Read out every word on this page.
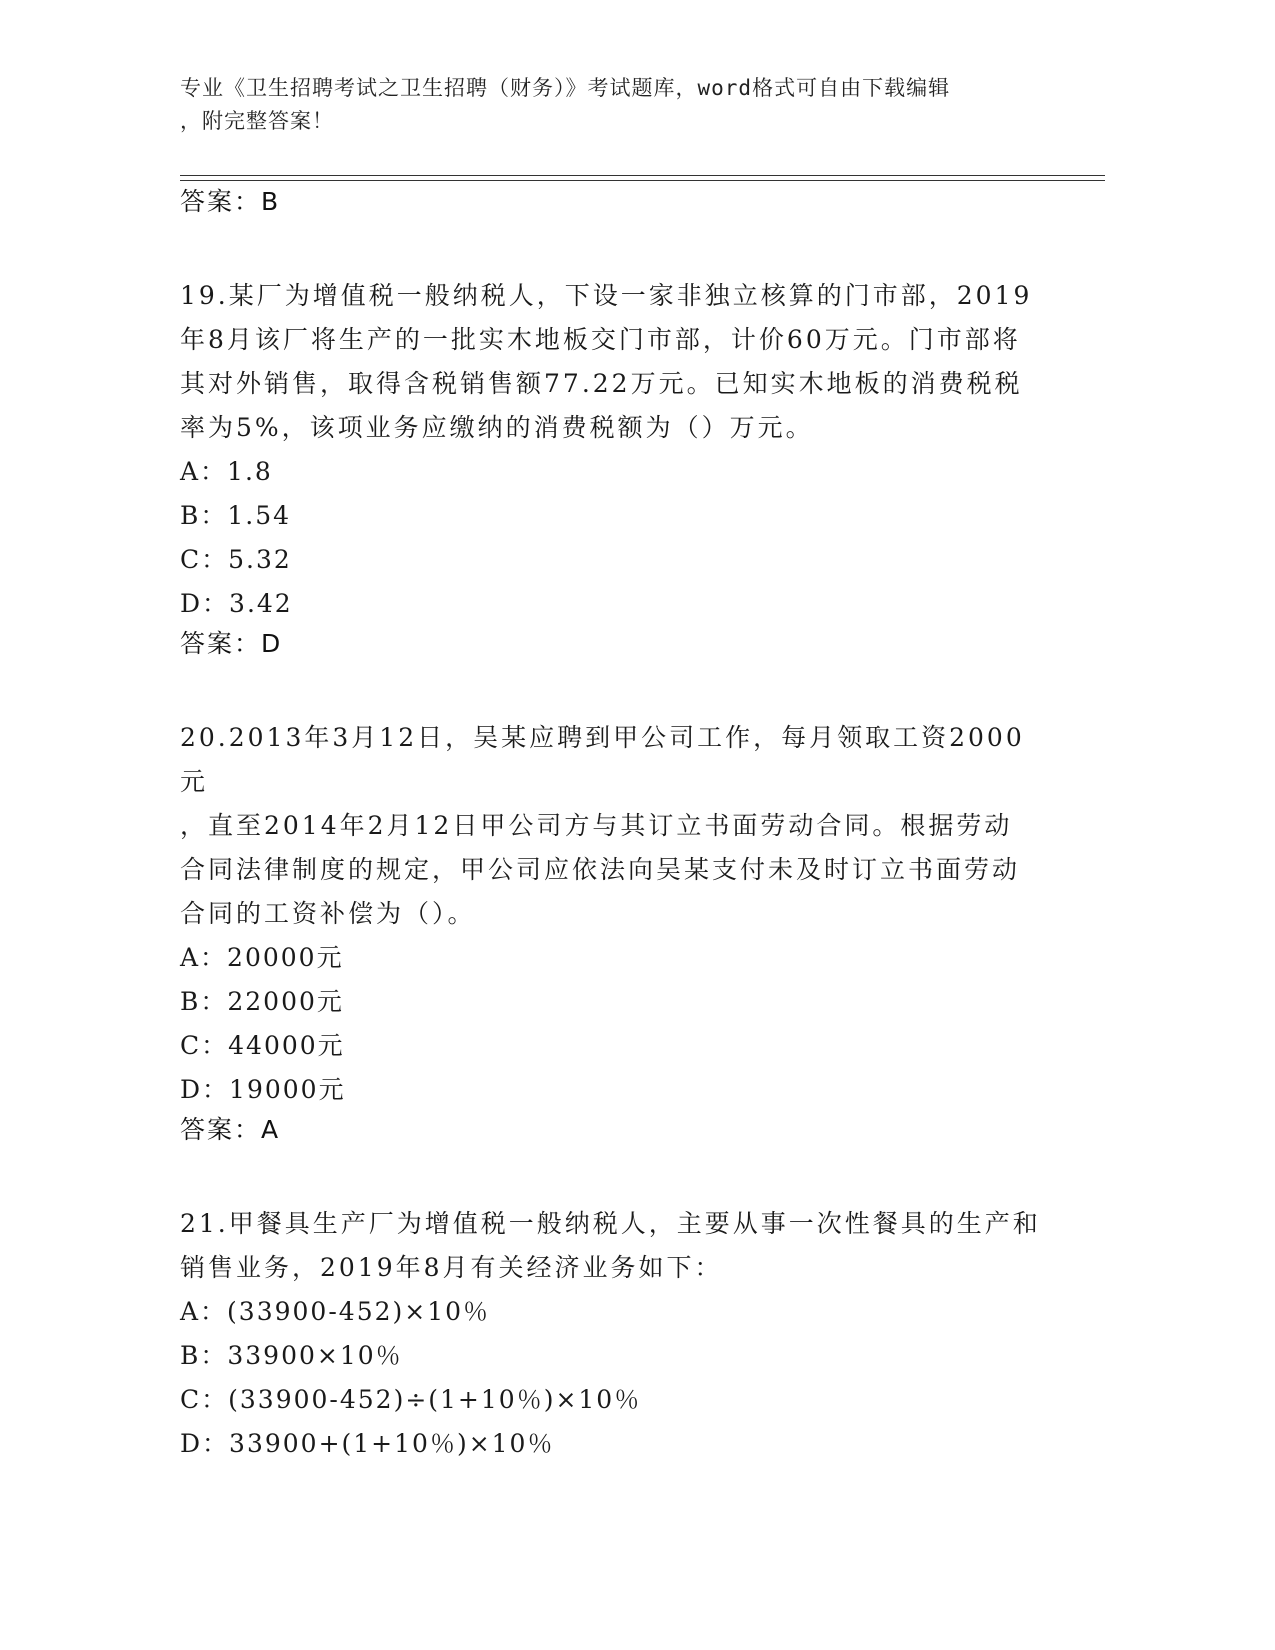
专业《卫生招聘考试之卫生招聘（财务）》考试题库，word格式可自由下载编辑
，附完整答案！

答案：B

19.某厂为增值税一般纳税人，下设一家非独立核算的门市部，2019

年8月该厂将生产的一批实木地板交门市部，计价60万元。门市部将

其对外销售，取得含税销售额77.22万元。已知实木地板的消费税税

率为5%，该项业务应缴纳的消费税额为（）万元。

A：1.8

B：1.54

C：5.32

D：3.42

答案：D

20.2013年3月12日，吴某应聘到甲公司工作，每月领取工资2000元

，直至2014年2月12日甲公司方与其订立书面劳动合同。根据劳动

合同法律制度的规定，甲公司应依法向吴某支付未及时订立书面劳动

合同的工资补偿为（）。

A：20000元

B：22000元

C：44000元

D：19000元

答案：A

21.甲餐具生产厂为增值税一般纳税人，主要从事一次性餐具的生产和

销售业务，2019年8月有关经济业务如下：

A：(33900-452)×10％

B：33900×10％

C：(33900-452)÷(1+10％)×10％

D：33900+(1+10％)×10％
